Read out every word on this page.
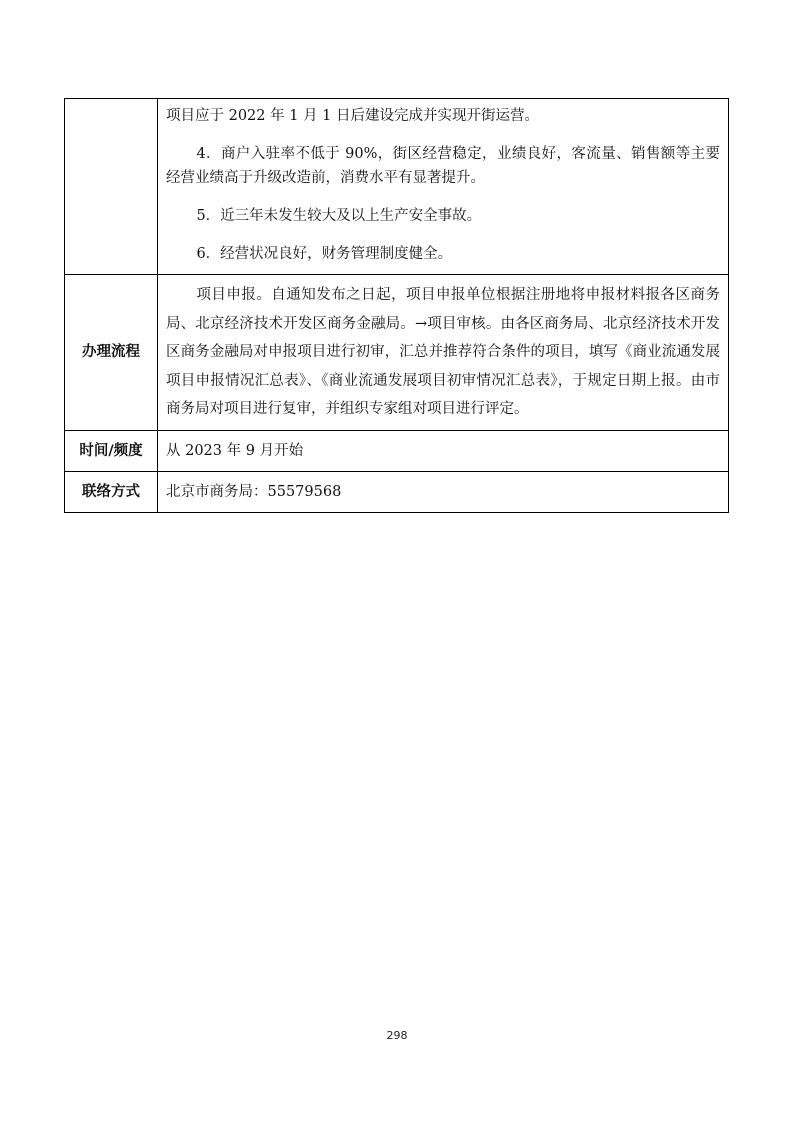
	项目应于 2022 年 1 月 1 日后建设完成并实现开街运营。

4．商户入驻率不低于 90%，街区经营稳定，业绩良好，客流量、销售额等主要经营业绩高于升级改造前，消费水平有显著提升。

5．近三年未发生较大及以上生产安全事故。

6．经营状况良好，财务管理制度健全。

办理流程	项目申报。自通知发布之日起，项目申报单位根据注册地将申报材料报各区商务局、北京经济技术开发区商务金融局。→项目审核。由各区商务局、北京经济技术开发区商务金融局对申报项目进行初审，汇总并推荐符合条件的项目，填写《商业流通发展项目申报情况汇总表》、《商业流通发展项目初审情况汇总表》，于规定日期上报。由市商务局对项目进行复审，并组织专家组对项目进行评定。

时间/频度	从 2023 年 9 月开始
联络方式	北京市商务局：55579568
298
